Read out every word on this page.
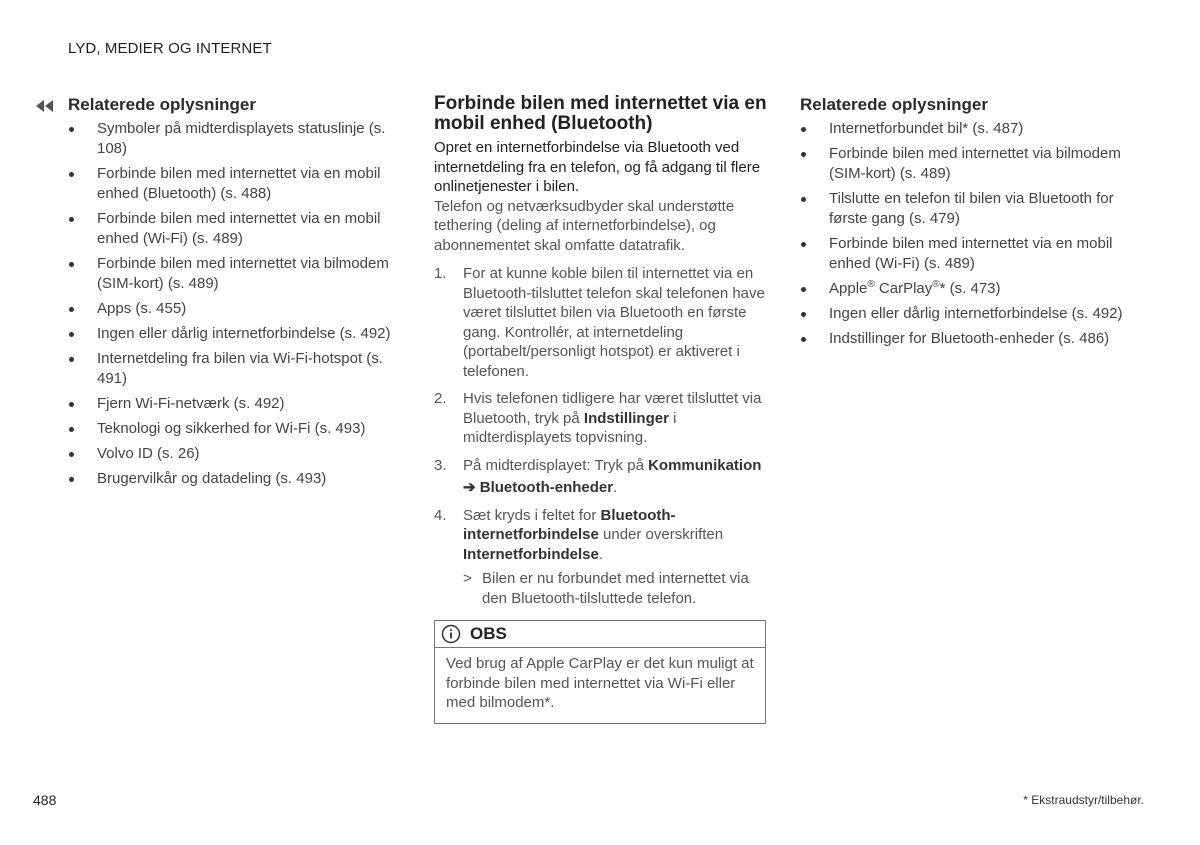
LYD, MEDIER OG INTERNET
Relaterede oplysninger
Symboler på midterdisplayets statuslinje (s. 108)
Forbinde bilen med internettet via en mobil enhed (Bluetooth) (s. 488)
Forbinde bilen med internettet via en mobil enhed (Wi-Fi) (s. 489)
Forbinde bilen med internettet via bilmodem (SIM-kort) (s. 489)
Apps (s. 455)
Ingen eller dårlig internetforbindelse (s. 492)
Internetdeling fra bilen via Wi-Fi-hotspot (s. 491)
Fjern Wi-Fi-netværk (s. 492)
Teknologi og sikkerhed for Wi-Fi (s. 493)
Volvo ID (s. 26)
Brugervilkår og datadeling (s. 493)
Forbinde bilen med internettet via en mobil enhed (Bluetooth)

Opret en internetforbindelse via Bluetooth ved internetdeling fra en telefon, og få adgang til flere onlinetjenester i bilen.

Telefon og netværksudbyder skal understøtte tethering (deling af internetforbindelse), og abonnementet skal omfatte datatrafik.

1. For at kunne koble bilen til internettet via en Bluetooth-tilsluttet telefon skal telefonen have været tilsluttet bilen via Bluetooth en første gang. Kontrollér, at internetdeling (portabelt/personligt hotspot) er aktiveret i telefonen.
2. Hvis telefonen tidligere har været tilsluttet via Bluetooth, tryk på Indstillinger i midterdisplayets topvisning.
3. På midterdisplayet: Tryk på Kommunikation
➔ Bluetooth-enheder.
4. Sæt kryds i feltet for Bluetooth-internetforbindelse under overskriften Internetforbindelse.
> Bilen er nu forbundet med internettet via den Bluetooth-tilsluttede telefon.
OBS
Ved brug af Apple CarPlay er det kun muligt at forbinde bilen med internettet via Wi-Fi eller med bilmodem*.
Relaterede oplysninger
Internetforbundet bil* (s. 487)
Forbinde bilen med internettet via bilmodem (SIM-kort) (s. 489)
Tilslutte en telefon til bilen via Bluetooth for første gang (s. 479)
Forbinde bilen med internettet via en mobil enhed (Wi-Fi) (s. 489)
Apple® CarPlay®* (s. 473)
Ingen eller dårlig internetforbindelse (s. 492)
Indstillinger for Bluetooth-enheder (s. 486)
488	* Ekstraudstyr/tilbehør.
